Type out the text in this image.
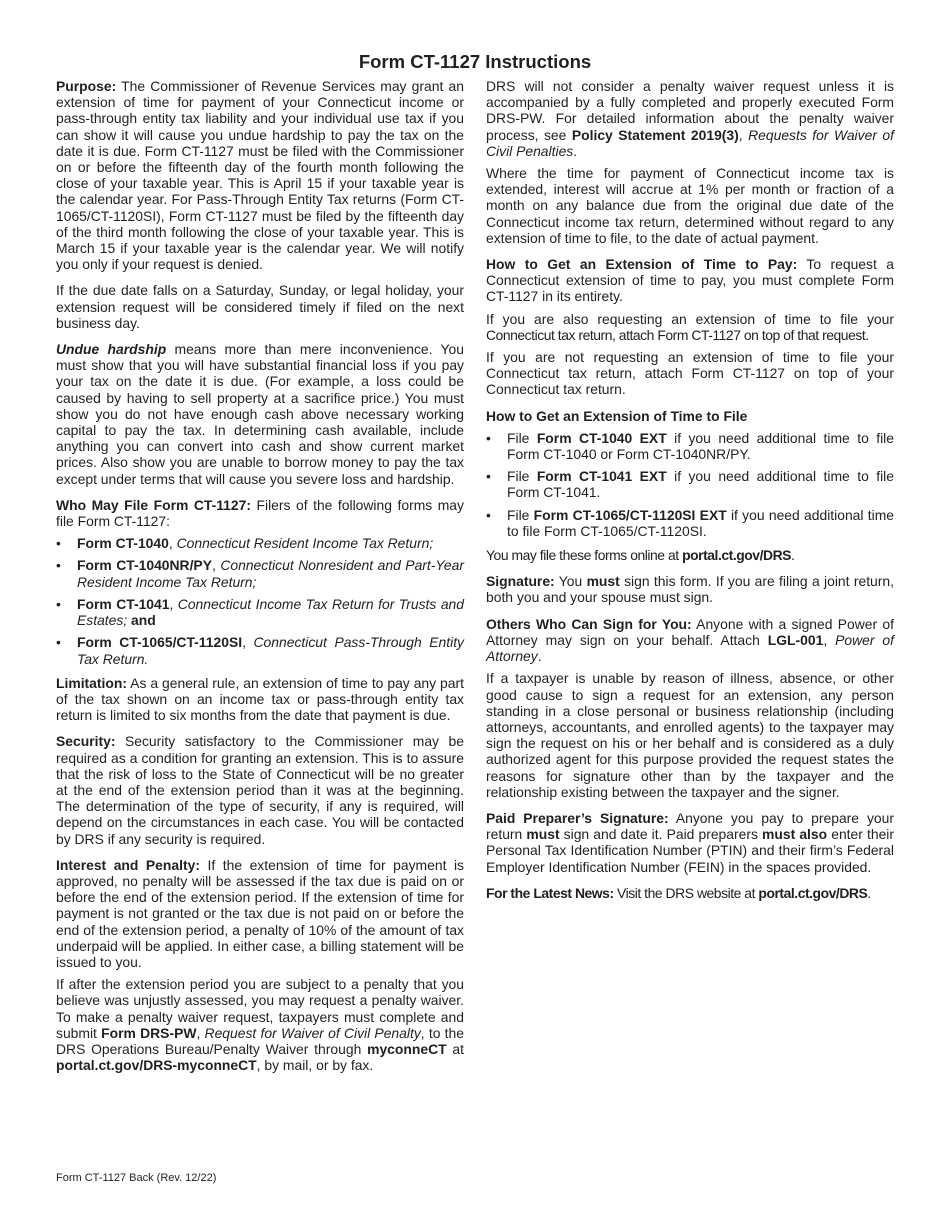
Form CT-1127 Instructions

Purpose: The Commissioner of Revenue Services may grant an extension of time for payment of your Connecticut income or pass-through entity tax liability and your individual use tax if you can show it will cause you undue hardship to pay the tax on the date it is due. Form CT-1127 must be filed with the Commissioner on or before the fifteenth day of the fourth month following the close of your taxable year. This is April 15 if your taxable year is the calendar year. For Pass-Through Entity Tax returns (Form CT-1065/CT-1120SI), Form CT-1127 must be filed by the fifteenth day of the third month following the close of your taxable year. This is March 15 if your taxable year is the calendar year. We will notify you only if your request is denied.

If the due date falls on a Saturday, Sunday, or legal holiday, your extension request will be considered timely if filed on the next business day.

Undue hardship means more than mere inconvenience. You must show that you will have substantial financial loss if you pay your tax on the date it is due. (For example, a loss could be caused by having to sell property at a sacrifice price.) You must show you do not have enough cash above necessary working capital to pay the tax. In determining cash available, include anything you can convert into cash and show current market prices. Also show you are unable to borrow money to pay the tax except under terms that will cause you severe loss and hardship.

Who May File Form CT-1127: Filers of the following forms may file Form CT-1127:

• Form CT-1040, Connecticut Resident Income Tax Return;
• Form CT-1040NR/PY, Connecticut Nonresident and Part-Year Resident Income Tax Return;
• Form CT-1041, Connecticut Income Tax Return for Trusts and Estates; and
• Form CT-1065/CT-1120SI, Connecticut Pass-Through Entity Tax Return.

Limitation: As a general rule, an extension of time to pay any part of the tax shown on an income tax or pass-through entity tax return is limited to six months from the date that payment is due.

Security: Security satisfactory to the Commissioner may be required as a condition for granting an extension. This is to assure that the risk of loss to the State of Connecticut will be no greater at the end of the extension period than it was at the beginning. The determination of the type of security, if any is required, will depend on the circumstances in each case. You will be contacted by DRS if any security is required.

Interest and Penalty: If the extension of time for payment is approved, no penalty will be assessed if the tax due is paid on or before the end of the extension period. If the extension of time for payment is not granted or the tax due is not paid on or before the end of the extension period, a penalty of 10% of the amount of tax underpaid will be applied. In either case, a billing statement will be issued to you.

If after the extension period you are subject to a penalty that you believe was unjustly assessed, you may request a penalty waiver. To make a penalty waiver request, taxpayers must complete and submit Form DRS-PW, Request for Waiver of Civil Penalty, to the DRS Operations Bureau/Penalty Waiver through myconneCT at portal.ct.gov/DRS-myconneCT, by mail, or by fax.

DRS will not consider a penalty waiver request unless it is accompanied by a fully completed and properly executed Form DRS-PW. For detailed information about the penalty waiver process, see Policy Statement 2019(3), Requests for Waiver of Civil Penalties.

Where the time for payment of Connecticut income tax is extended, interest will accrue at 1% per month or fraction of a month on any balance due from the original due date of the Connecticut income tax return, determined without regard to any extension of time to file, to the date of actual payment.

How to Get an Extension of Time to Pay: To request a Connecticut extension of time to pay, you must complete Form CT-1127 in its entirety.

If you are also requesting an extension of time to file your Connecticut tax return, attach Form CT-1127 on top of that request.

If you are not requesting an extension of time to file your Connecticut tax return, attach Form CT-1127 on top of your Connecticut tax return.

How to Get an Extension of Time to File

• File Form CT-1040 EXT if you need additional time to file Form CT-1040 or Form CT-1040NR/PY.
• File Form CT-1041 EXT if you need additional time to file Form CT-1041.
• File Form CT-1065/CT-1120SI EXT if you need additional time to file Form CT-1065/CT-1120SI.

You may file these forms online at portal.ct.gov/DRS.

Signature: You must sign this form. If you are filing a joint return, both you and your spouse must sign.

Others Who Can Sign for You: Anyone with a signed Power of Attorney may sign on your behalf. Attach LGL-001, Power of Attorney.

If a taxpayer is unable by reason of illness, absence, or other good cause to sign a request for an extension, any person standing in a close personal or business relationship (including attorneys, accountants, and enrolled agents) to the taxpayer may sign the request on his or her behalf and is considered as a duly authorized agent for this purpose provided the request states the reasons for signature other than by the taxpayer and the relationship existing between the taxpayer and the signer.

Paid Preparer’s Signature: Anyone you pay to prepare your return must sign and date it. Paid preparers must also enter their Personal Tax Identification Number (PTIN) and their firm’s Federal Employer Identification Number (FEIN) in the spaces provided.

For the Latest News: Visit the DRS website at portal.ct.gov/DRS.

Form CT-1127 Back (Rev. 12/22)
